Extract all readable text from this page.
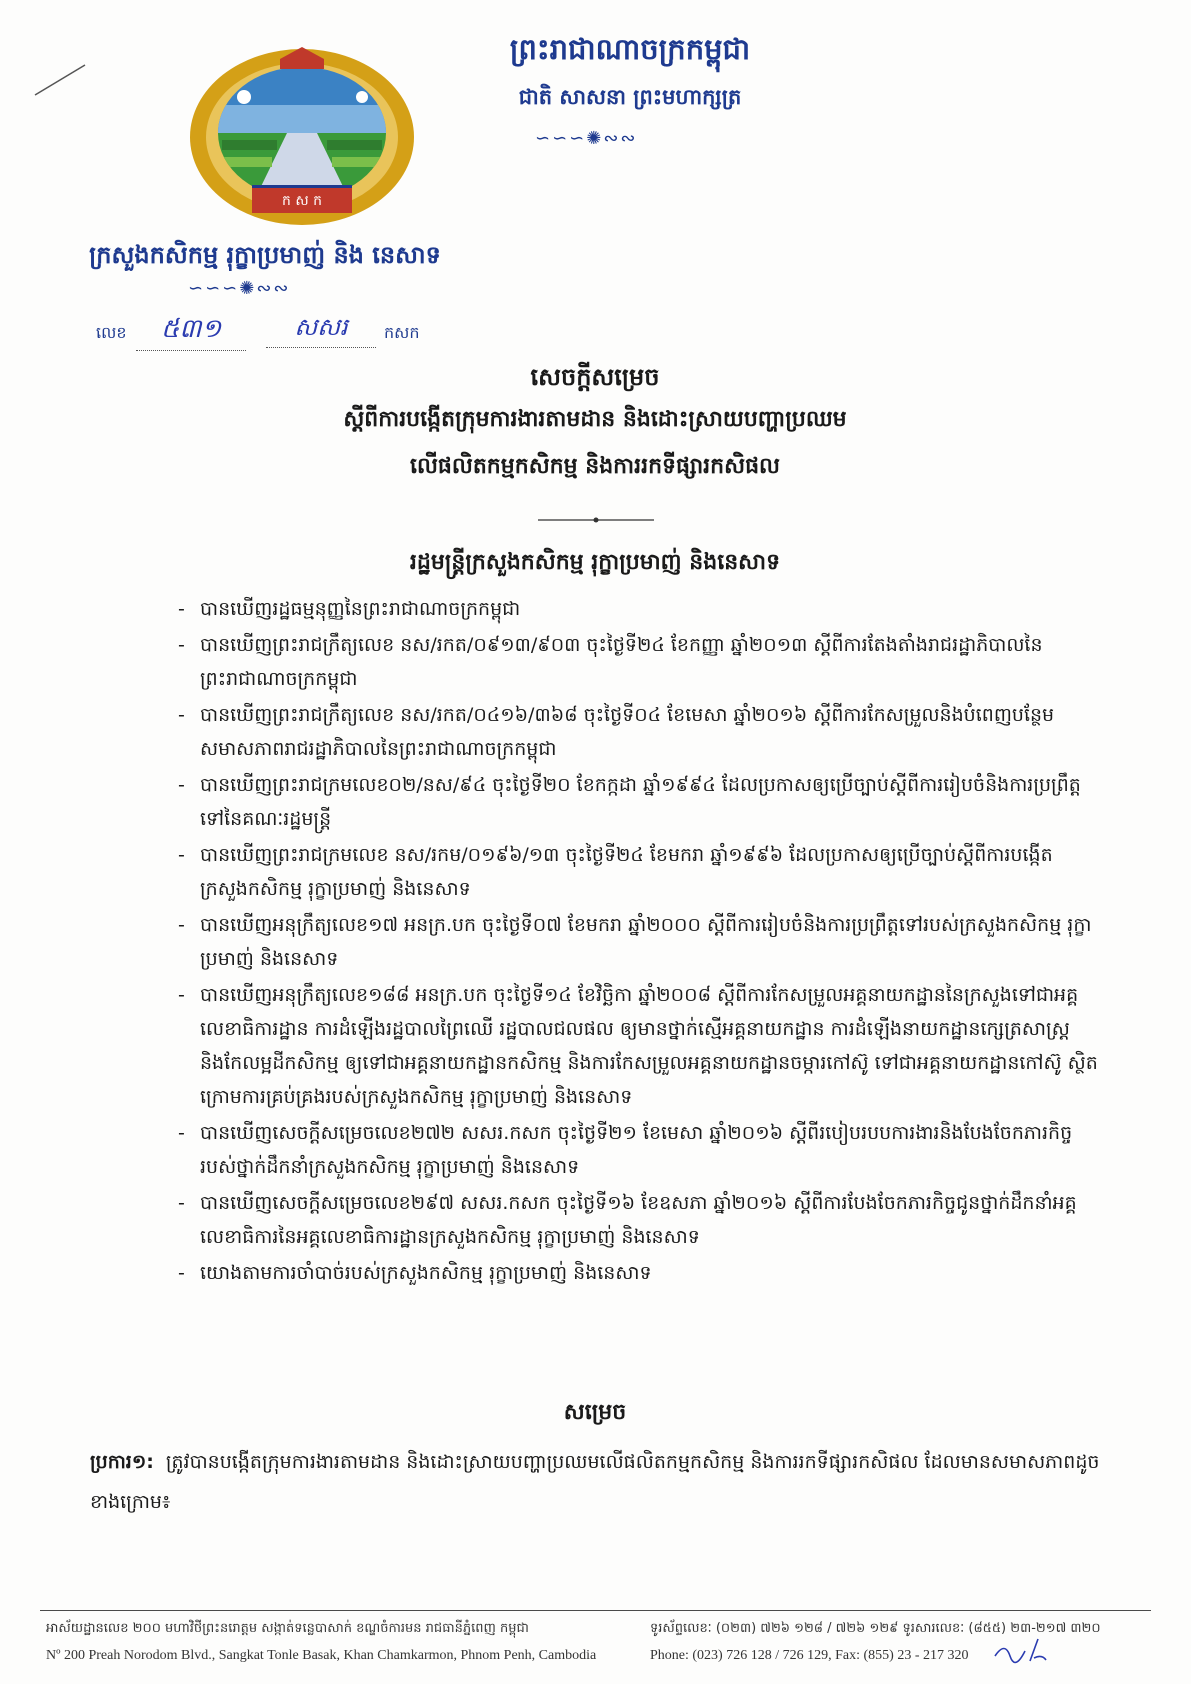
ក ស ក
ព្រះរាជាណាចក្រកម្ពុជា
ជាតិ សាសនា ព្រះមហាក្សត្រ
∽∽∽✺∾∾
ក្រសួងកសិកម្ម រុក្ខាប្រមាញ់ និង នេសាទ
∽∽∽✺∾∾
លេខ	៥៣១	សសរ	កសក
សេចក្តីសម្រេច
ស្តីពីការបង្កើតក្រុមការងារតាមដាន និងដោះស្រាយបញ្ហាប្រឈម
លើផលិតកម្មកសិកម្ម និងការរកទីផ្សារកសិផល
រដ្ឋមន្ត្រីក្រសួងកសិកម្ម រុក្ខាប្រមាញ់ និងនេសាទ
- បានឃើញរដ្ឋធម្មនុញ្ញនៃព្រះរាជាណាចក្រកម្ពុជា
- បានឃើញព្រះរាជក្រឹត្យលេខ នស/រកត/០៩១៣/៩០៣ ចុះថ្ងៃទី២៤ ខែកញ្ញា ឆ្នាំ២០១៣ ស្តីពីការតែងតាំងរាជរដ្ឋាភិបាលនៃព្រះរាជាណាចក្រកម្ពុជា
- បានឃើញព្រះរាជក្រឹត្យលេខ នស/រកត/០៤១៦/៣៦៨ ចុះថ្ងៃទី០៤ ខែមេសា ឆ្នាំ២០១៦ ស្តីពីការកែសម្រួលនិងបំពេញបន្ថែមសមាសភាពរាជរដ្ឋាភិបាលនៃព្រះរាជាណាចក្រកម្ពុជា
- បានឃើញព្រះរាជក្រមលេខ០២/នស/៩៤ ចុះថ្ងៃទី២០ ខែកក្កដា ឆ្នាំ១៩៩៤ ដែលប្រកាសឲ្យប្រើច្បាប់ស្តីពីការរៀបចំនិងការប្រព្រឹត្តទៅនៃគណៈរដ្ឋមន្ត្រី
- បានឃើញព្រះរាជក្រមលេខ នស/រកម/០១៩៦/១៣ ចុះថ្ងៃទី២៤ ខែមករា ឆ្នាំ១៩៩៦ ដែលប្រកាសឲ្យប្រើច្បាប់ស្តីពីការបង្កើតក្រសួងកសិកម្ម រុក្ខាប្រមាញ់ និងនេសាទ
- បានឃើញអនុក្រឹត្យលេខ១៧ អនក្រ.បក ចុះថ្ងៃទី០៧ ខែមករា ឆ្នាំ២០០០ ស្តីពីការរៀបចំនិងការប្រព្រឹត្តទៅរបស់ក្រសួងកសិកម្ម រុក្ខាប្រមាញ់ និងនេសាទ
- បានឃើញអនុក្រឹត្យលេខ១៨៨ អនក្រ.បក ចុះថ្ងៃទី១៤ ខែវិច្ឆិកា ឆ្នាំ២០០៨ ស្តីពីការកែសម្រួលអគ្គនាយកដ្ឋាននៃក្រសួងទៅជាអគ្គលេខាធិការដ្ឋាន ការដំឡើងរដ្ឋបាលព្រៃឈើ រដ្ឋបាលជលផល ឲ្យមានថ្នាក់ស្មើអគ្គនាយកដ្ឋាន ការដំឡើងនាយកដ្ឋានក្សេត្រសាស្ត្រ និងកែលម្អដីកសិកម្ម ឲ្យទៅជាអគ្គនាយកដ្ឋានកសិកម្ម និងការកែសម្រួលអគ្គនាយកដ្ឋានចម្ការកៅស៊ូ ទៅជាអគ្គនាយកដ្ឋានកៅស៊ូ ស្ថិតក្រោមការគ្រប់គ្រងរបស់ក្រសួងកសិកម្ម រុក្ខាប្រមាញ់ និងនេសាទ
- បានឃើញសេចក្តីសម្រេចលេខ២៧២ សសរ.កសក ចុះថ្ងៃទី២១ ខែមេសា ឆ្នាំ២០១៦ ស្តីពីរបៀបរបបការងារនិងបែងចែកភារកិច្ចរបស់ថ្នាក់ដឹកនាំក្រសួងកសិកម្ម រុក្ខាប្រមាញ់ និងនេសាទ
- បានឃើញសេចក្តីសម្រេចលេខ២៩៧ សសរ.កសក ចុះថ្ងៃទី១៦ ខែឧសភា ឆ្នាំ២០១៦ ស្តីពីការបែងចែកភារកិច្ចជូនថ្នាក់ដឹកនាំអគ្គលេខាធិការនៃអគ្គលេខាធិការដ្ឋានក្រសួងកសិកម្ម រុក្ខាប្រមាញ់ និងនេសាទ
- យោងតាមការចាំបាច់របស់ក្រសួងកសិកម្ម រុក្ខាប្រមាញ់ និងនេសាទ
សម្រេច
ប្រការ១: ត្រូវបានបង្កើតក្រុមការងារតាមដាន និងដោះស្រាយបញ្ហាប្រឈមលើផលិតកម្មកសិកម្ម និងការរកទីផ្សារកសិផល ដែលមានសមាសភាពដូចខាងក្រោម៖
អាស័យដ្ឋានលេខ ២០០ មហាវិថីព្រះនរោត្តម សង្កាត់ទន្លេបាសាក់ ខណ្ឌចំការមន រាជធានីភ្នំពេញ កម្ពុជា
Nº 200 Preah Norodom Blvd., Sangkat Tonle Basak, Khan Chamkarmon, Phnom Penh, Cambodia
ទូរស័ព្ទលេខៈ (០២៣) ៧២៦ ១២៨ / ៧២៦ ១២៩ ទូរសារលេខៈ (៨៥៥) ២៣-២១៧ ៣២០
Phone: (023) 726 128 / 726 129, Fax: (855) 23 - 217 320
